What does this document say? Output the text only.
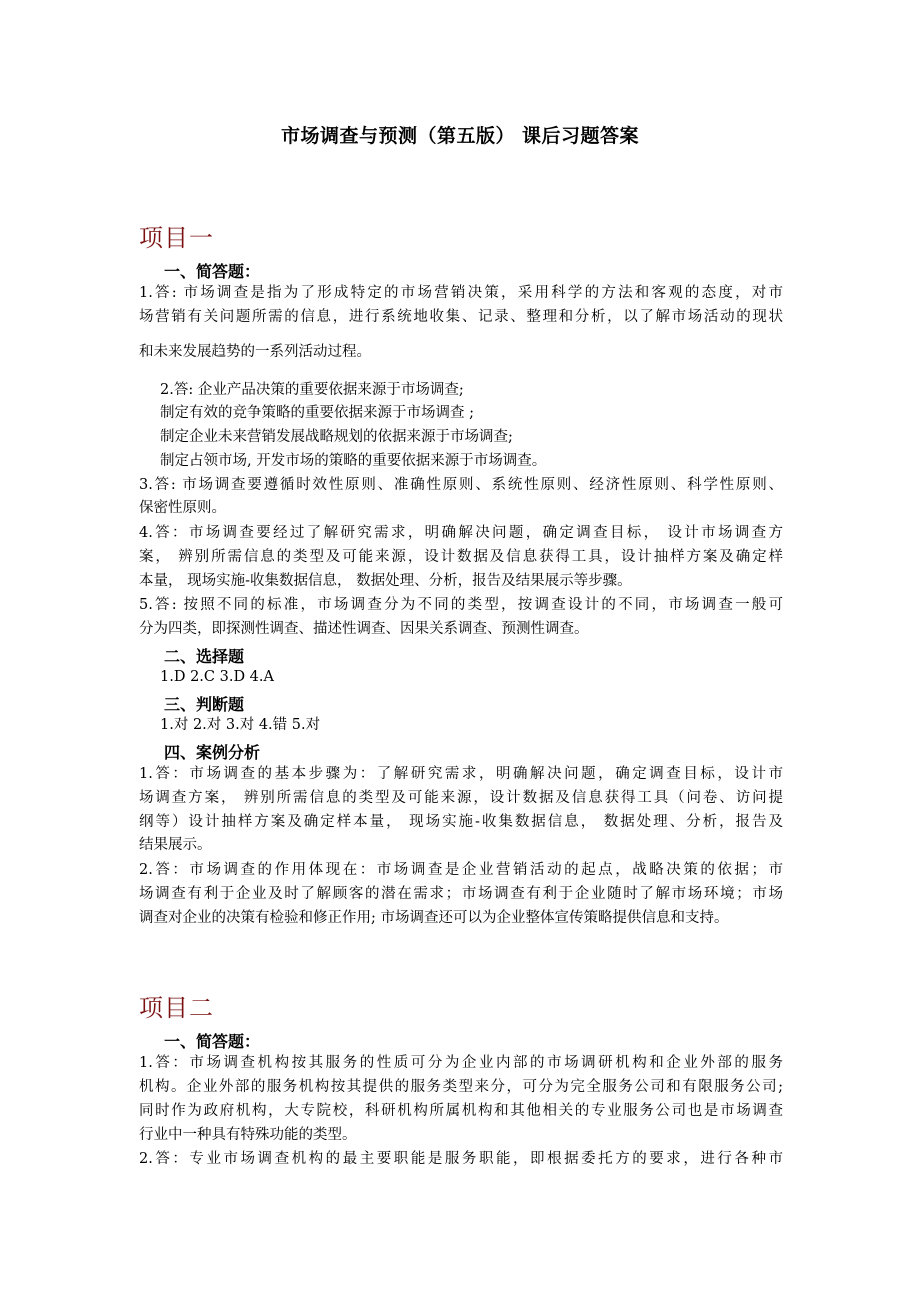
市场调查与预测（第五版） 课后习题答案
项目一
一、简答题：
1.答: 市场调查是指为了形成特定的市场营销决策，采用科学的方法和客观的态度，对市
场营销有关问题所需的信息，进行系统地收集、记录、整理和分析，以了解市场活动的现状
和未来发展趋势的一系列活动过程。
2.答: 企业产品决策的重要依据来源于市场调查;
制定有效的竞争策略的重要依据来源于市场调查 ;
制定企业未来营销发展战略规划的依据来源于市场调查;
制定占领市场, 开发市场的策略的重要依据来源于市场调查。
3.答: 市场调查要遵循时效性原则、准确性原则、系统性原则、经济性原则、科学性原则、
保密性原则。
4.答：市场调查要经过了解研究需求，明确解决问题，确定调查目标， 设计市场调查方
案， 辨别所需信息的类型及可能来源，设计数据及信息获得工具，设计抽样方案及确定样
本量， 现场实施-收集数据信息， 数据处理、分析，报告及结果展示等步骤。
5.答: 按照不同的标准，市场调查分为不同的类型，按调查设计的不同，市场调查一般可
分为四类，即探测性调查、描述性调查、因果关系调查、预测性调查。
二、选择题
1.D 2.C 3.D 4.A
三、判断题
1.对 2.对 3.对 4.错 5.对
四、案例分析
1.答：市场调查的基本步骤为：了解研究需求，明确解决问题，确定调查目标，设计市
场调查方案， 辨别所需信息的类型及可能来源，设计数据及信息获得工具（问卷、访问提
纲等）设计抽样方案及确定样本量， 现场实施-收集数据信息， 数据处理、分析，报告及
结果展示。
2.答：市场调查的作用体现在：市场调查是企业营销活动的起点，战略决策的依据；市
场调查有利于企业及时了解顾客的潜在需求；市场调查有利于企业随时了解市场环境；市场
调查对企业的决策有检验和修正作用; 市场调查还可以为企业整体宣传策略提供信息和支持。
项目二
一、简答题：
1.答：市场调查机构按其服务的性质可分为企业内部的市场调研机构和企业外部的服务
机构。企业外部的服务机构按其提供的服务类型来分，可分为完全服务公司和有限服务公司;
同时作为政府机构，大专院校，科研机构所属机构和其他相关的专业服务公司也是市场调查
行业中一种具有特殊功能的类型。
2.答：专业市场调查机构的最主要职能是服务职能，即根据委托方的要求，进行各种市
